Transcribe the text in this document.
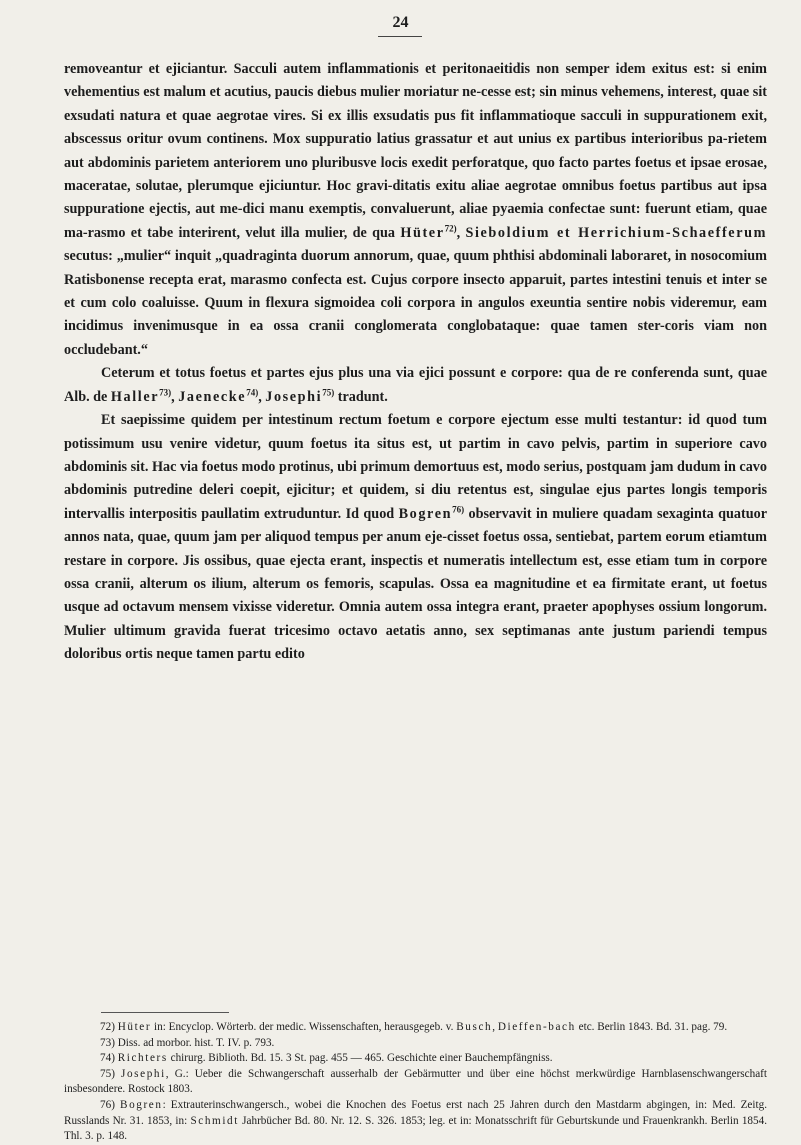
24

removeantur et ejiciantur. Sacculi autem inflammationis et peritonaeitidis non semper idem exitus est: si enim vehementius est malum et acutius, paucis diebus mulier moriatur ne-cesse est; sin minus vehemens, interest, quae sit exsudati natura et quae aegrotae vires. Si ex illis exsudatis pus fit inflammatioque sacculi in suppurationem exit, abscessus oritur ovum continens. Mox suppuratio latius grassatur et aut unius ex partibus interioribus pa-rietem aut abdominis parietem anteriorem uno pluribusve locis exedit perforatque, quo facto partes foetus et ipsae erosae, maceratae, solutae, plerumque ejiciuntur. Hoc gravi-ditatis exitu aliae aegrotae omnibus foetus partibus aut ipsa suppuratione ejectis, aut me-dici manu exemptis, convaluerunt, aliae pyaemia confectae sunt: fuerunt etiam, quae ma-rasmo et tabe interirent, velut illa mulier, de qua Hüter$^{72)}$, Sieboldium et Herrichium-Schaefferum secutus: „mulier“ inquit „quadraginta duorum annorum, quae, quum phthisi abdominali laboraret, in nosocomium Ratisbonense recepta erat, marasmo confecta est. Cujus corpore insecto apparuit, partes intestini tenuis et inter se et cum colo coaluisse. Quum in flexura sigmoidea coli corpora in angulos exeuntia sentire nobis videremur, eam incidimus invenimusque in ea ossa cranii conglomerata conglobataque: quae tamen ster-coris viam non occludebant.“

Ceterum et totus foetus et partes ejus plus una via ejici possunt e corpore: qua de re conferenda sunt, quae Alb. de Haller$^{73)}$, Jaenecke$^{74)}$, Josephi$^{75)}$ tradunt.

Et saepissime quidem per intestinum rectum foetum e corpore ejectum esse multi testantur: id quod tum potissimum usu venire videtur, quum foetus ita situs est, ut partim in cavo pelvis, partim in superiore cavo abdominis sit. Hac via foetus modo protinus, ubi primum demortuus est, modo serius, postquam jam dudum in cavo abdominis putredine deleri coepit, ejicitur; et quidem, si diu retentus est, singulae ejus partes longis temporis intervallis interpositis paullatim extruduntur. Id quod Bogren$^{76)}$ observavit in muliere quadam sexaginta quatuor annos nata, quae, quum jam per aliquod tempus per anum eje-cisset foetus ossa, sentiebat, partem eorum etiamtum restare in corpore. Jis ossibus, quae ejecta erant, inspectis et numeratis intellectum est, esse etiam tum in corpore ossa cranii, alterum os ilium, alterum os femoris, scapulas. Ossa ea magnitudine et ea firmitate erant, ut foetus usque ad octavum mensem vixisse videretur. Omnia autem ossa integra erant, praeter apophyses ossium longorum. Mulier ultimum gravida fuerat tricesimo octavo aetatis anno, sex septimanas ante justum pariendi tempus doloribus ortis neque tamen partu edito

72) Hüter in: Encyclop. Wörterb. der medic. Wissenschaften, herausgegeb. v. Busch, Dieffen-bach etc. Berlin 1843. Bd. 31. pag. 79.

73) Diss. ad morbor. hist. T. IV. p. 793.

74) Richters chirurg. Biblioth. Bd. 15. 3 St. pag. 455 — 465. Geschichte einer Bauchempfängniss.

75) Josephi, G.: Ueber die Schwangerschaft ausserhalb der Gebärmutter und über eine höchst merkwürdige Harnblasenschwangerschaft insbesondere. Rostock 1803.

76) Bogren: Extrauterinschwangersch., wobei die Knochen des Foetus erst nach 25 Jahren durch den Mastdarm abgingen, in: Med. Zeitg. Russlands Nr. 31. 1853, in: Schmidt Jahrbücher Bd. 80. Nr. 12. S. 326. 1853; leg. et in: Monatsschrift für Geburtskunde und Frauenkrankh. Berlin 1854. Thl. 3. p. 148.
